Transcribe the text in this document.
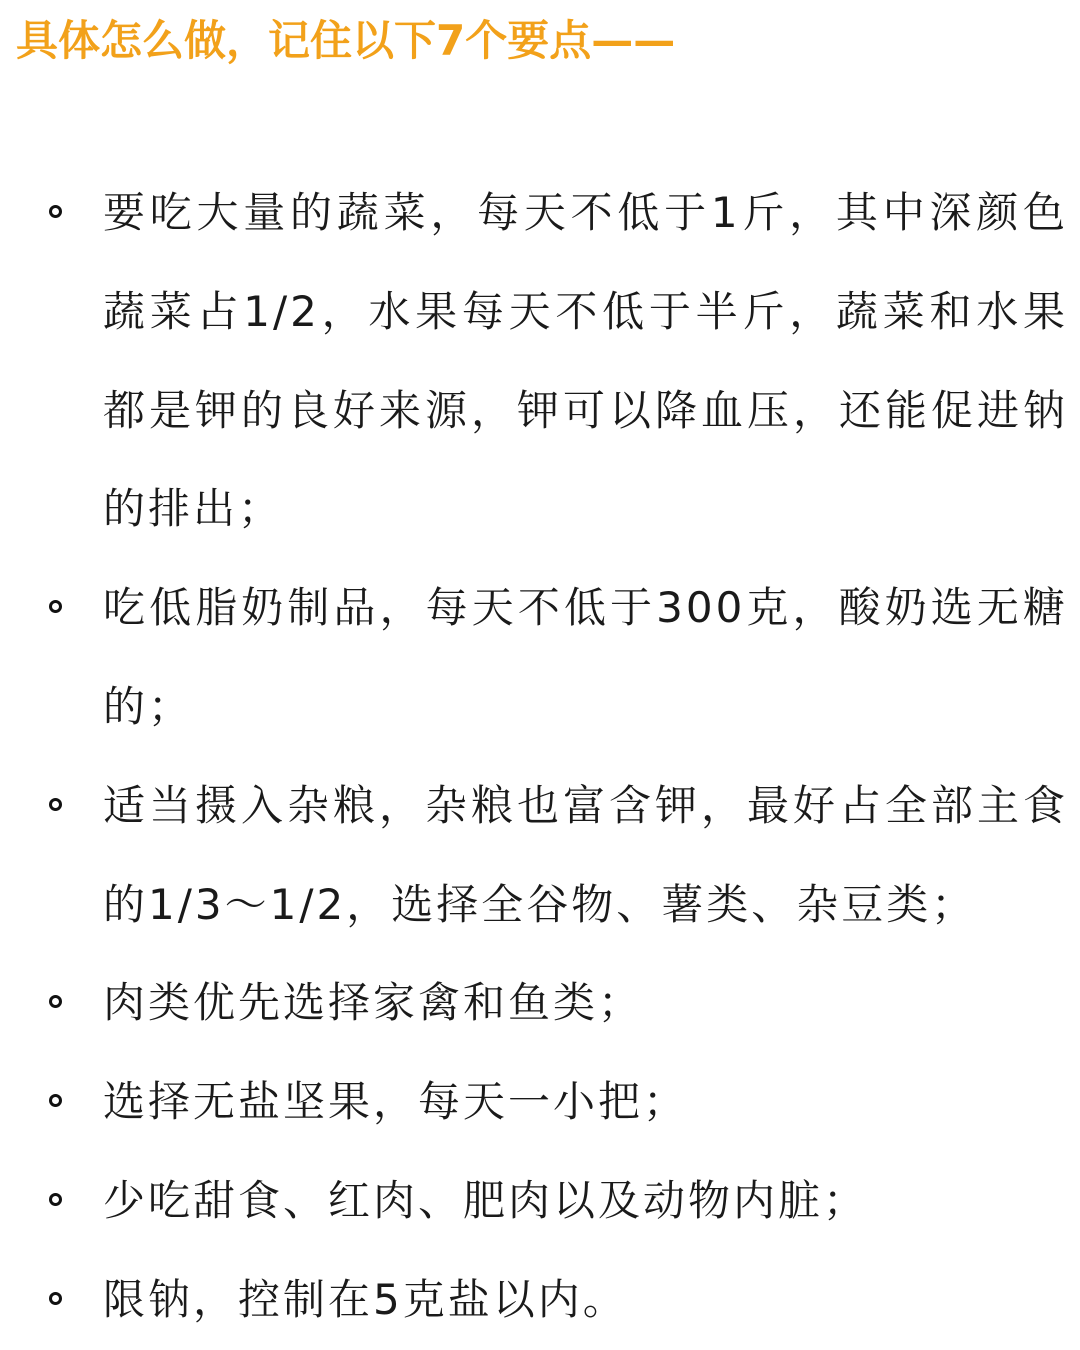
具体怎么做，记住以下7个要点——
要吃大量的蔬菜，每天不低于1斤，其中深颜色蔬菜占1/2，水果每天不低于半斤，蔬菜和水果都是钾的良好来源，钾可以降血压，还能促进钠的排出；
吃低脂奶制品，每天不低于300克，酸奶选无糖的；
适当摄入杂粮，杂粮也富含钾，最好占全部主食的1/3～1/2，选择全谷物、薯类、杂豆类；
肉类优先选择家禽和鱼类；
选择无盐坚果，每天一小把；
少吃甜食、红肉、肥肉以及动物内脏；
限钠，控制在5克盐以内。
